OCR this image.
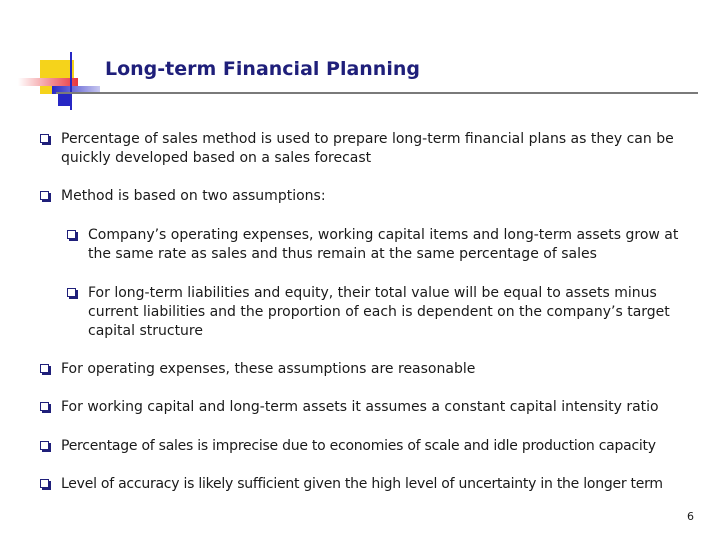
Long-term Financial Planning
Percentage of sales method is used to prepare long-term financial plans as they can be quickly developed based on a sales forecast
Method is based on two assumptions:
Company’s operating expenses, working capital items and long-term assets grow at the same rate as sales and thus remain at the same percentage of sales
For long-term liabilities and equity, their total value will be equal to assets minus current liabilities and the proportion of each is dependent on the company’s target capital structure
For operating expenses, these assumptions are reasonable
For working capital and long-term assets it assumes a constant capital intensity ratio
Percentage of sales is imprecise due to economies of scale and idle production capacity
Level of accuracy is likely sufficient given the high level of uncertainty in the longer term
6
